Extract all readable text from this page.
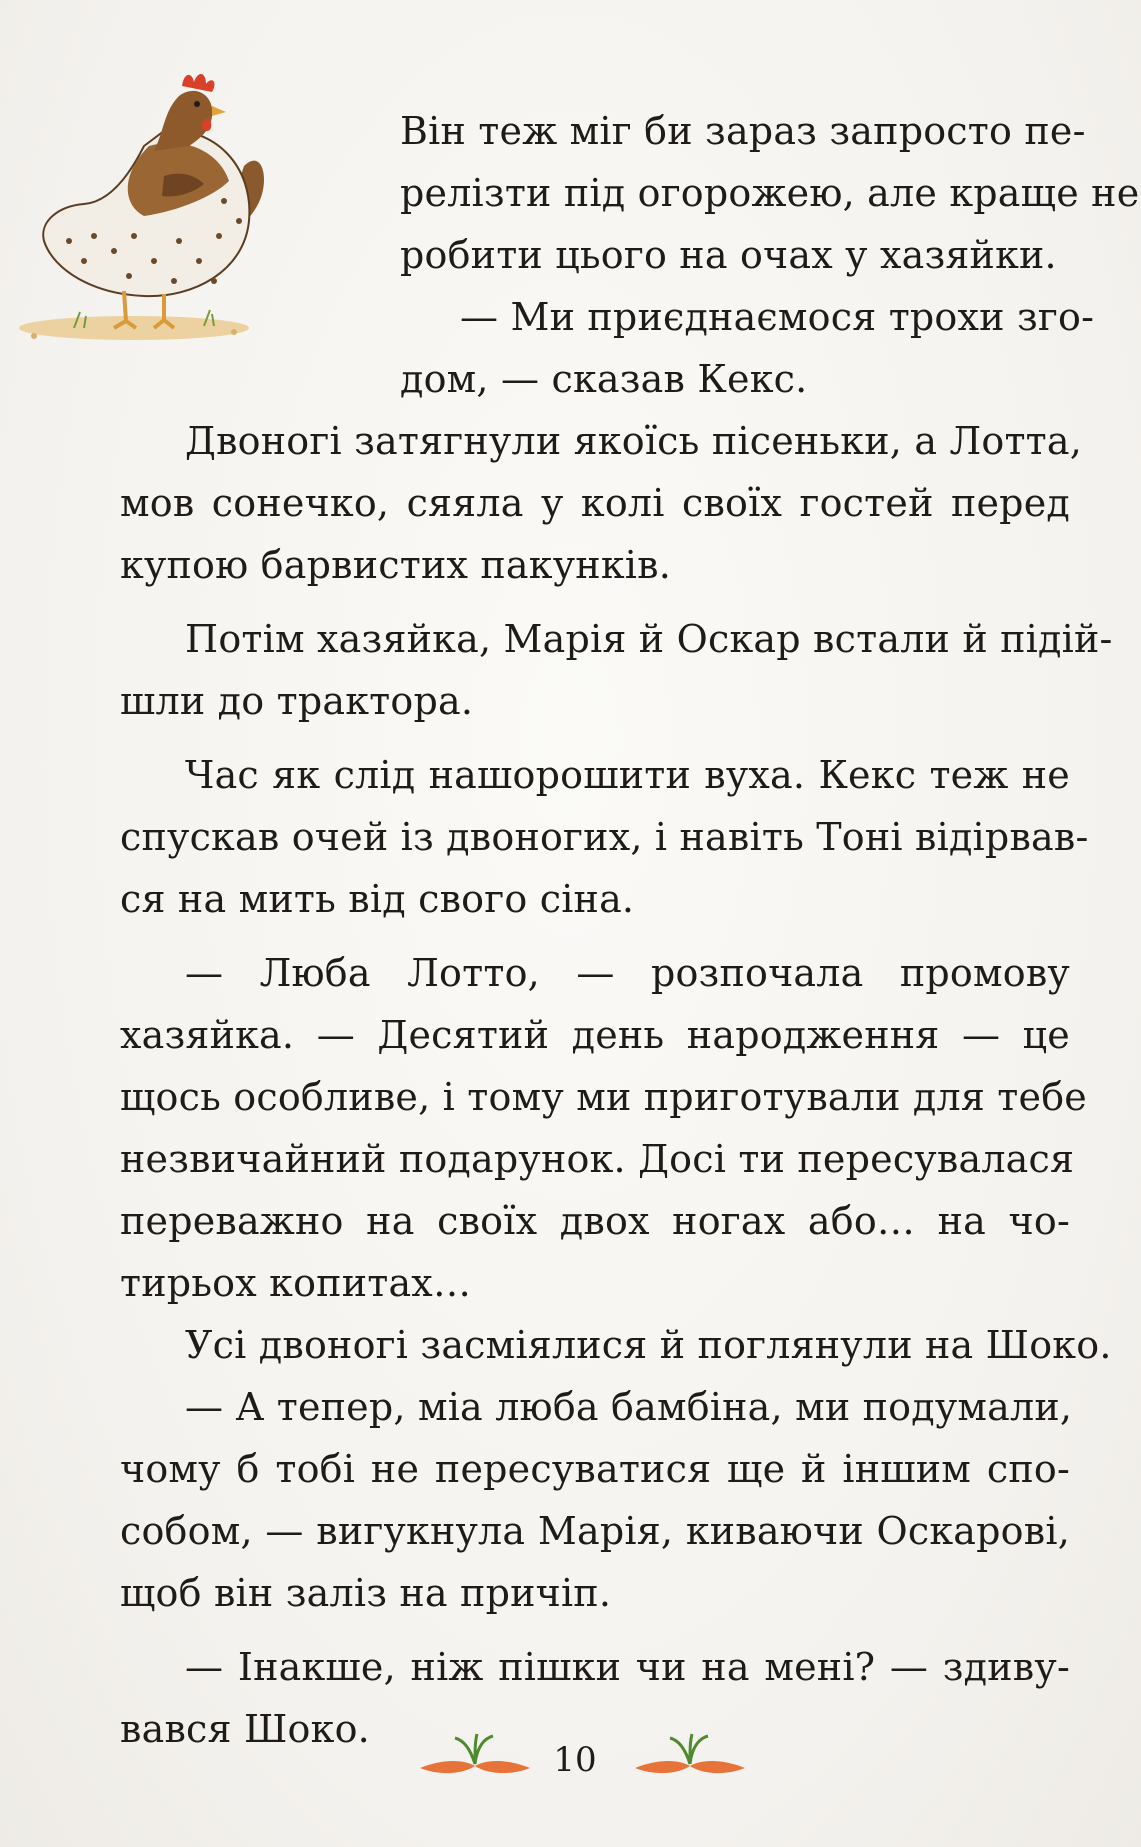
Він теж міг би зараз запросто пе-
релізти під огорожею, але краще не
робити цього на очах у хазяйки.
— Ми приєднаємося трохи зго-
дом, — сказав Кекс.
Двоногі затягнули якоїсь пісеньки, а Лотта,
мов сонечко, сяяла у колі своїх гостей перед
купою барвистих пакунків.
Потім хазяйка, Марія й Оскар встали й підій-
шли до трактора.
Час як слід нашорошити вуха. Кекс теж не
спускав очей із двоногих, і навіть Тоні відірвав-
ся на мить від свого сіна.
— Люба Лотто, — розпочала промову
хазяйка. — Десятий день народження — це
щось особливе, і тому ми приготували для тебе
незвичайний подарунок. Досі ти пересувалася
переважно на своїх двох ногах або… на чо-
тирьох копитах…
Усі двоногі засміялися й поглянули на Шоко.
— А тепер, міа люба бамбіна, ми подумали,
чому б тобі не пересуватися ще й іншим спо-
собом, — вигукнула Марія, киваючи Оскарові,
щоб він заліз на причіп.
— Інакше, ніж пішки чи на мені? — здиву-
вався Шоко.
10
